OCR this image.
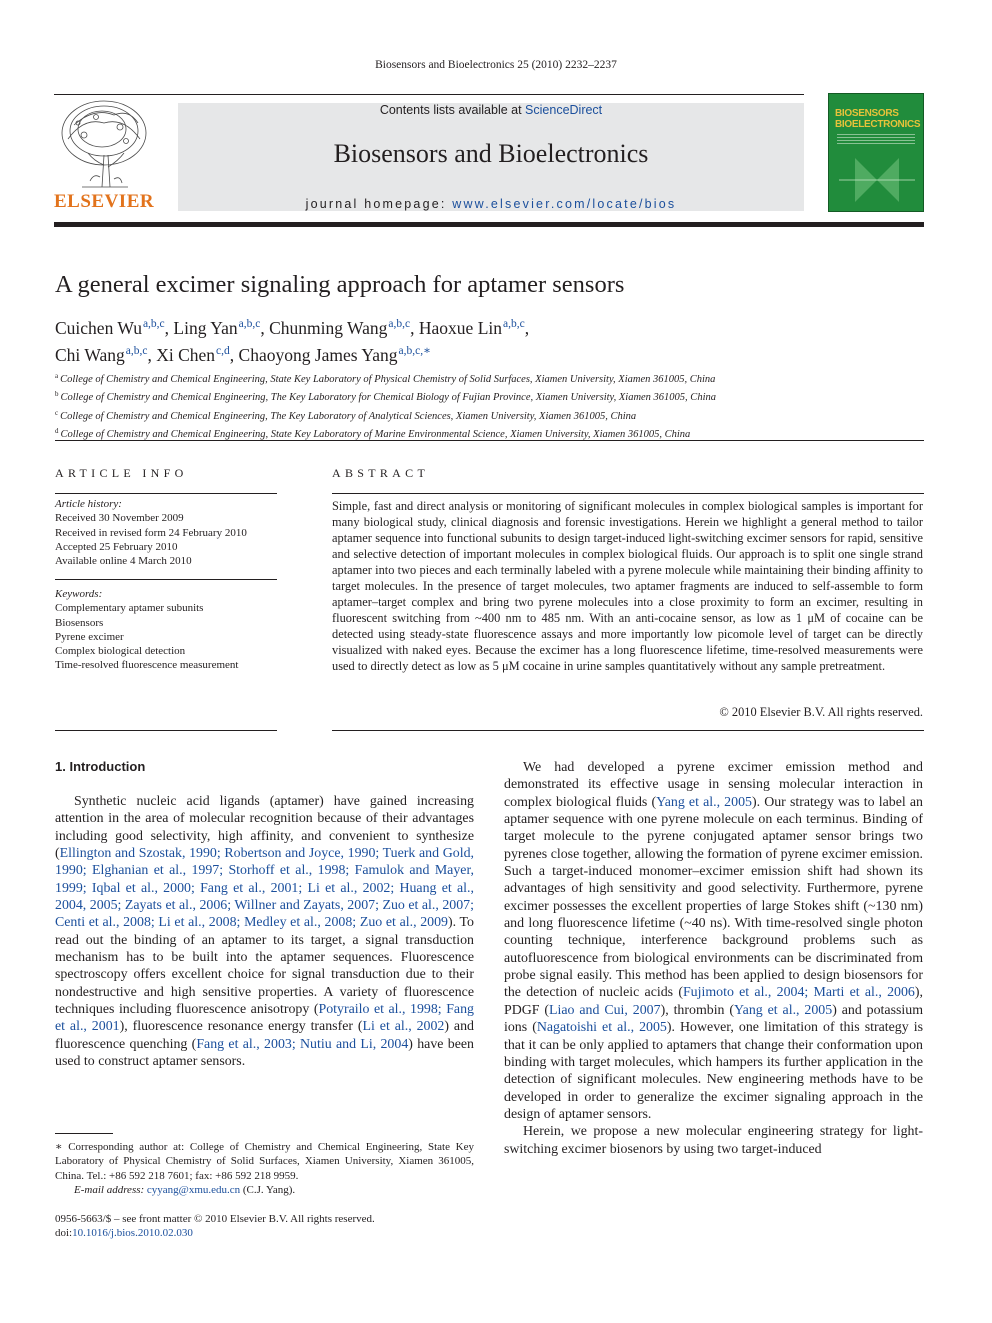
Biosensors and Bioelectronics 25 (2010) 2232–2237
ELSEVIER
Contents lists available at ScienceDirect
Biosensors and Bioelectronics
journal homepage: www.elsevier.com/locate/bios
BIOSENSORS BIOELECTRONICS
A general excimer signaling approach for aptamer sensors
Cuichen Wu$^{a,b,c}$, Ling Yan$^{a,b,c}$, Chunming Wang$^{a,b,c}$, Haoxue Lin$^{a,b,c}$,
Chi Wang$^{a,b,c}$, Xi Chen$^{c,d}$, Chaoyong James Yang$^{a,b,c,∗}$
$^a$ College of Chemistry and Chemical Engineering, State Key Laboratory of Physical Chemistry of Solid Surfaces, Xiamen University, Xiamen 361005, China
$^b$ College of Chemistry and Chemical Engineering, The Key Laboratory for Chemical Biology of Fujian Province, Xiamen University, Xiamen 361005, China
$^c$ College of Chemistry and Chemical Engineering, The Key Laboratory of Analytical Sciences, Xiamen University, Xiamen 361005, China
$^d$ College of Chemistry and Chemical Engineering, State Key Laboratory of Marine Environmental Science, Xiamen University, Xiamen 361005, China
ARTICLE INFO
Article history:
Received 30 November 2009
Received in revised form 24 February 2010
Accepted 25 February 2010
Available online 4 March 2010
Keywords:
Complementary aptamer subunits
Biosensors
Pyrene excimer
Complex biological detection
Time-resolved fluorescence measurement
ABSTRACT
Simple, fast and direct analysis or monitoring of significant molecules in complex biological samples is important for many biological study, clinical diagnosis and forensic investigations. Herein we highlight a general method to tailor aptamer sequence into functional subunits to design target-induced light-switching excimer sensors for rapid, sensitive and selective detection of important molecules in complex biological fluids. Our approach is to split one single strand aptamer into two pieces and each terminally labeled with a pyrene molecule while maintaining their binding affinity to target molecules. In the presence of target molecules, two aptamer fragments are induced to self-assemble to form aptamer–target complex and bring two pyrene molecules into a close proximity to form an excimer, resulting in fluorescent switching from ~400 nm to 485 nm. With an anti-cocaine sensor, as low as 1 μM of cocaine can be detected using steady-state fluorescence assays and more importantly low picomole level of target can be directly visualized with naked eyes. Because the excimer has a long fluorescence lifetime, time-resolved measurements were used to directly detect as low as 5 μM cocaine in urine samples quantitatively without any sample pretreatment.
© 2010 Elsevier B.V. All rights reserved.
1. Introduction

Synthetic nucleic acid ligands (aptamer) have gained increasing attention in the area of molecular recognition because of their advantages including good selectivity, high affinity, and convenient to synthesize (Ellington and Szostak, 1990; Robertson and Joyce, 1990; Tuerk and Gold, 1990; Elghanian et al., 1997; Storhoff et al., 1998; Famulok and Mayer, 1999; Iqbal et al., 2000; Fang et al., 2001; Li et al., 2002; Huang et al., 2004, 2005; Zayats et al., 2006; Willner and Zayats, 2007; Zuo et al., 2007; Centi et al., 2008; Li et al., 2008; Medley et al., 2008; Zuo et al., 2009). To read out the binding of an aptamer to its target, a signal transduction mechanism has to be built into the aptamer sequences. Fluorescence spectroscopy offers excellent choice for signal transduction due to their nondestructive and high sensitive properties. A variety of fluorescence techniques including fluorescence anisotropy (Potyrailo et al., 1998; Fang et al., 2001), fluorescence resonance energy transfer (Li et al., 2002) and fluorescence quenching (Fang et al., 2003; Nutiu and Li, 2004) have been used to construct aptamer sensors.

We had developed a pyrene excimer emission method and demonstrated its effective usage in sensing molecular interaction in complex biological fluids (Yang et al., 2005). Our strategy was to label an aptamer sequence with one pyrene molecule on each terminus. Binding of target molecule to the pyrene conjugated aptamer sensor brings two pyrenes close together, allowing the formation of pyrene excimer emission. Such a target-induced monomer–excimer emission shift had shown its advantages of high sensitivity and good selectivity. Furthermore, pyrene excimer possesses the excellent properties of large Stokes shift (~130 nm) and long fluorescence lifetime (~40 ns). With time-resolved single photon counting technique, interference background problems such as autofluorescence from biological environments can be discriminated from probe signal easily. This method has been applied to design biosensors for the detection of nucleic acids (Fujimoto et al., 2004; Marti et al., 2006), PDGF (Liao and Cui, 2007), thrombin (Yang et al., 2005) and potassium ions (Nagatoishi et al., 2005). However, one limitation of this strategy is that it can be only applied to aptamers that change their conformation upon binding with target molecules, which hampers its further application in the detection of significant molecules. New engineering methods have to be developed in order to generalize the excimer signaling approach in the design of aptamer sensors.

Herein, we propose a new molecular engineering strategy for light-switching excimer biosenors by using two target-induced

∗ Corresponding author at: College of Chemistry and Chemical Engineering, State Key Laboratory of Physical Chemistry of Solid Surfaces, Xiamen University, Xiamen 361005, China. Tel.: +86 592 218 7601; fax: +86 592 218 9959.
E-mail address: cyyang@xmu.edu.cn (C.J. Yang).
0956-5663/$ – see front matter © 2010 Elsevier B.V. All rights reserved.
doi:10.1016/j.bios.2010.02.030
